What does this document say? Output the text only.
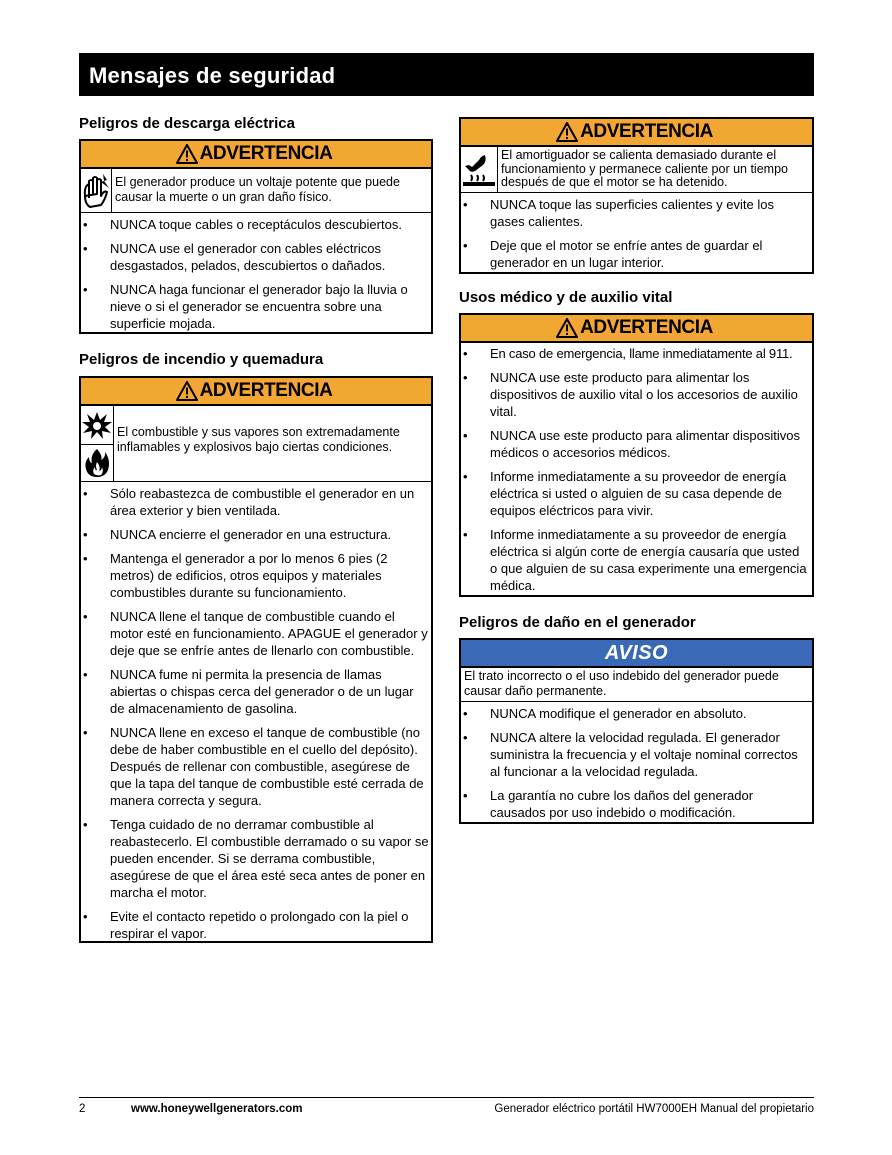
Mensajes de seguridad
Peligros de descarga eléctrica
ADVERTENCIA
El generador produce un voltaje potente que puede causar la muerte o un gran daño físico.
• NUNCA toque cables o receptáculos descubiertos.
• NUNCA use el generador con cables eléctricos desgastados, pelados, descubiertos o dañados.
• NUNCA haga funcionar el generador bajo la lluvia o nieve o si el generador se encuentra sobre una superficie mojada.
Peligros de incendio y quemadura
ADVERTENCIA
El combustible y sus vapores son extremadamente inflamables y explosivos bajo ciertas condiciones.
• Sólo reabastezca de combustible el generador en un área exterior y bien ventilada.
• NUNCA encierre el generador en una estructura.
• Mantenga el generador a por lo menos 6 pies (2 metros) de edificios, otros equipos y materiales combustibles durante su funcionamiento.
• NUNCA llene el tanque de combustible cuando el motor esté en funcionamiento. APAGUE el generador y deje que se enfríe antes de llenarlo con combustible.
• NUNCA fume ni permita la presencia de llamas abiertas o chispas cerca del generador o de un lugar de almacenamiento de gasolina.
• NUNCA llene en exceso el tanque de combustible (no debe de haber combustible en el cuello del depósito). Después de rellenar con combustible, asegúrese de que la tapa del tanque de combustible esté cerrada de manera correcta y segura.
• Tenga cuidado de no derramar combustible al reabastecerlo. El combustible derramado o su vapor se pueden encender. Si se derrama combustible, asegúrese de que el área esté seca antes de poner en marcha el motor.
• Evite el contacto repetido o prolongado con la piel o respirar el vapor.
ADVERTENCIA
El amortiguador se calienta demasiado durante el funcionamiento y permanece caliente por un tiempo después de que el motor se ha detenido.
• NUNCA toque las superficies calientes y evite los gases calientes.
• Deje que el motor se enfríe antes de guardar el generador en un lugar interior.
Usos médico y de auxilio vital
ADVERTENCIA
• En caso de emergencia, llame inmediatamente al 911.
• NUNCA use este producto para alimentar los dispositivos de auxilio vital o los accesorios de auxilio vital.
• NUNCA use este producto para alimentar dispositivos médicos o accesorios médicos.
• Informe inmediatamente a su proveedor de energía eléctrica si usted o alguien de su casa depende de equipos eléctricos para vivir.
• Informe inmediatamente a su proveedor de energía eléctrica si algún corte de energía causaría que usted o que alguien de su casa experimente una emergencia médica.
Peligros de daño en el generador
AVISO
El trato incorrecto o el uso indebido del generador puede causar daño permanente.
• NUNCA modifique el generador en absoluto.
• NUNCA altere la velocidad regulada. El generador suministra la frecuencia y el voltaje nominal correctos al funcionar a la velocidad regulada.
• La garantía no cubre los daños del generador causados por uso indebido o modificación.
2	www.honeywellgenerators.com	Generador eléctrico portátil HW7000EH Manual del propietario
